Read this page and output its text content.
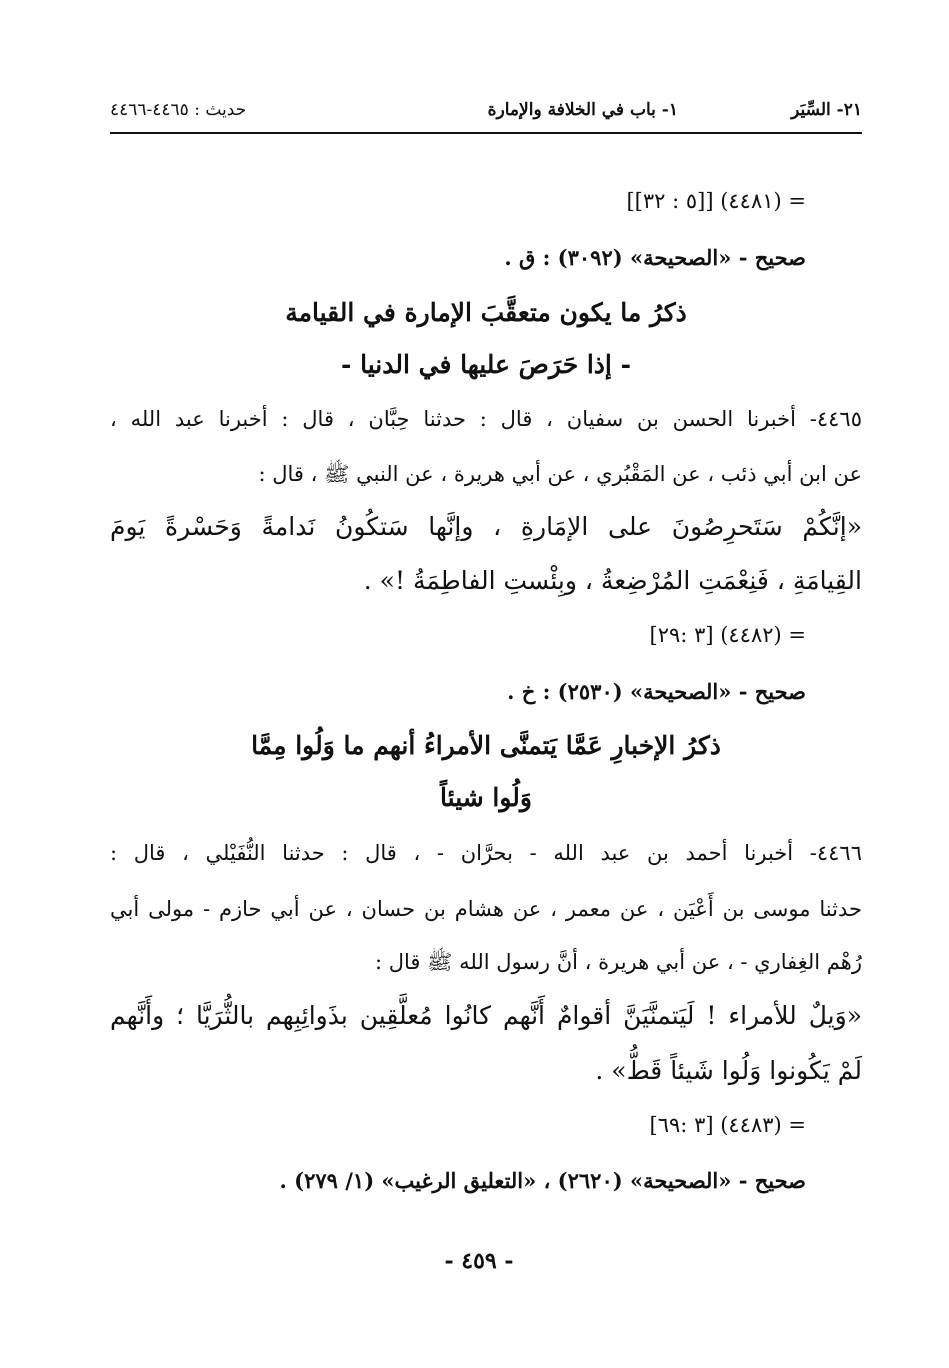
٢١- السِّيَر
١- باب في الخلافة والإمارة
حديث : ٤٤٦٥-٤٤٦٦
= (٤٤٨١) [[٥ : ٣٢]]
صحيح - «الصحيحة» (٣٠٩٢) : ق .
ذكرُ ما يكون متعقَّبَ الإمارة في القيامة
- إذا حَرَصَ عليها في الدنيا -
٤٤٦٥- أخبرنا الحسن بن سفيان ، قال : حدثنا حِبَّان ، قال : أخبرنا عبد الله ،
عن ابن أبي ذئب ، عن المَقْبُري ، عن أبي هريرة ، عن النبي ﷺ ، قال :
«إنَّكُمْ سَتَحرِصُونَ على الإمَارةِ ، وإنَّها سَتكُونُ نَدامةً وَحَسْرةً يَومَ
القِيامَةِ ، فَنِعْمَتِ المُرْضِعةُ ، وبِئْستِ الفاطِمَةُ !» .
= (٤٤٨٢) [٣ :٢٩]
صحيح - «الصحيحة» (٢٥٣٠) : خ .
ذكرُ الإخبارِ عَمَّا يَتمنَّى الأمراءُ أنهم ما وَلُوا مِمَّا
وَلُوا شيئاً
٤٤٦٦- أخبرنا أحمد بن عبد الله - بحرَّان - ، قال : حدثنا النُّفَيْلي ، قال :
حدثنا موسى بن أَعْيَن ، عن معمر ، عن هشام بن حسان ، عن أبي حازم - مولى أبي
رُهْم الغِفاري - ، عن أبي هريرة ، أنَّ رسول الله ﷺ قال :
«وَيلٌ للأمراء ! لَيَتمنَّيَنَّ أقوامٌ أَنَّهم كانُوا مُعلَّقِين بذَوائِبِهم بالثُّرَيَّا ؛ وأَنَّهم
لَمْ يَكُونوا وَلُوا شَيئاً قَطُّ» .
= (٤٤٨٣) [٣ :٦٩]
صحيح - «الصحيحة» (٢٦٢٠) ، «التعليق الرغيب» (١/ ٢٧٩) .
- ٤٥٩ -
